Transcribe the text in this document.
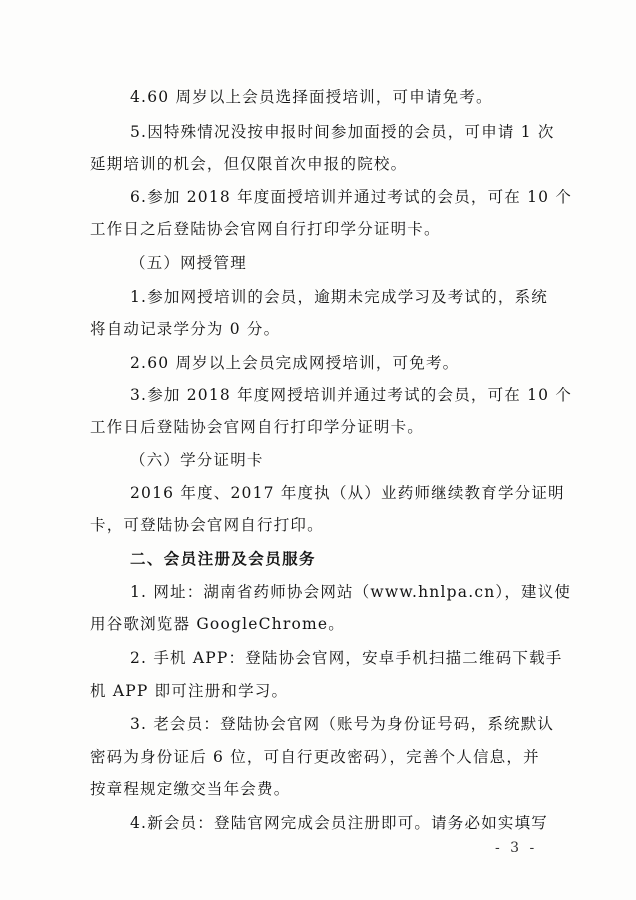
4.60 周岁以上会员选择面授培训，可申请免考。
5.因特殊情况没按申报时间参加面授的会员，可申请 1 次
延期培训的机会，但仅限首次申报的院校。
6.参加 2018 年度面授培训并通过考试的会员，可在 10 个
工作日之后登陆协会官网自行打印学分证明卡。
（五）网授管理
1.参加网授培训的会员，逾期未完成学习及考试的，系统
将自动记录学分为 0 分。
2.60 周岁以上会员完成网授培训，可免考。
3.参加 2018 年度网授培训并通过考试的会员，可在 10 个
工作日后登陆协会官网自行打印学分证明卡。
（六）学分证明卡
2016 年度、2017 年度执（从）业药师继续教育学分证明
卡，可登陆协会官网自行打印。
二、会员注册及会员服务
1. 网址：湖南省药师协会网站（www.hnlpa.cn），建议使
用谷歌浏览器 GoogleChrome。
2. 手机 APP：登陆协会官网，安卓手机扫描二维码下载手
机 APP 即可注册和学习。
3. 老会员：登陆协会官网（账号为身份证号码，系统默认
密码为身份证后 6 位，可自行更改密码），完善个人信息，并
按章程规定缴交当年会费。
4.新会员：登陆官网完成会员注册即可。请务必如实填写
- 3 -
